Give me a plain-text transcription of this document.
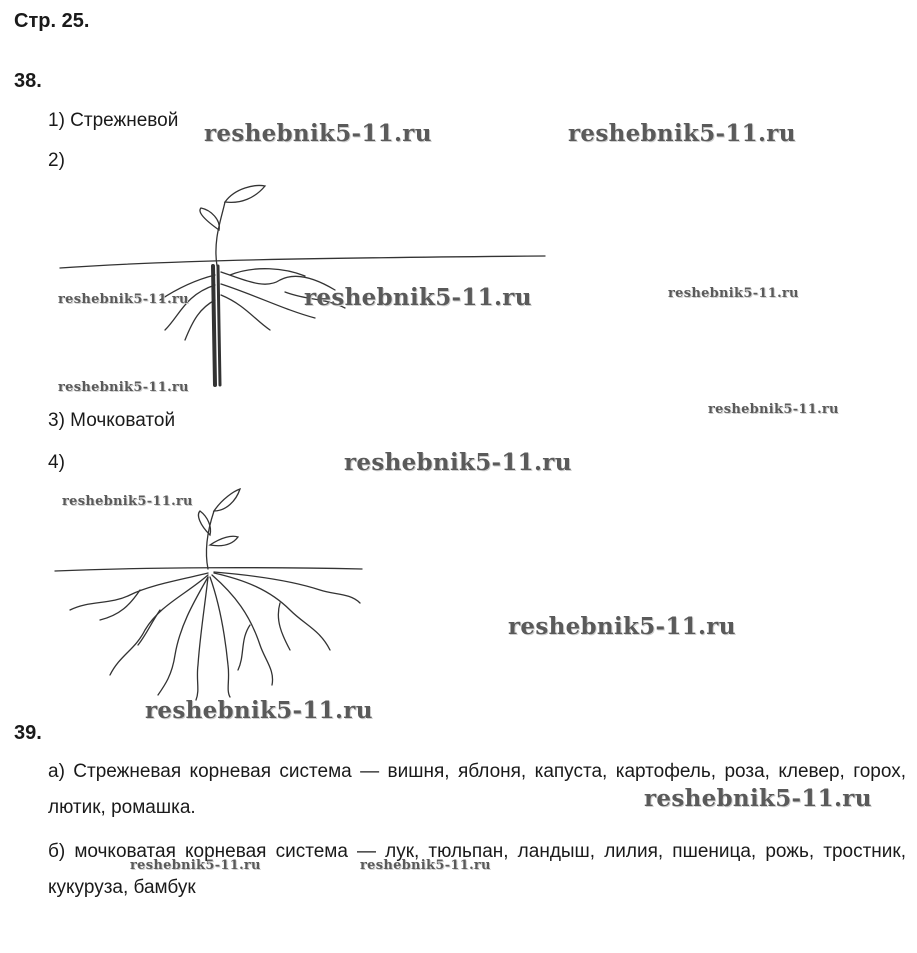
Стр. 25.
38.
1) Стрежневой
2)
3) Мочковатой
4)
39.

а) Стрежневая корневая система — вишня, яблоня, капуста, картофель, роза, клевер, горох, лютик, ромашка.

б) мочковатая корневая система — лук, тюльпан, ландыш, лилия, пшеница, рожь, тростник, кукуруза, бамбук

reshebnik5-11.ru	reshebnik5-11.ru
reshebnik5-11.ru	reshebnik5-11.ru	reshebnik5-11.ru
reshebnik5-11.ru
reshebnik5-11.ru
reshebnik5-11.ru
reshebnik5-11.ru
reshebnik5-11.ru
reshebnik5-11.ru
reshebnik5-11.ru
reshebnik5-11.ru	reshebnik5-11.ru
